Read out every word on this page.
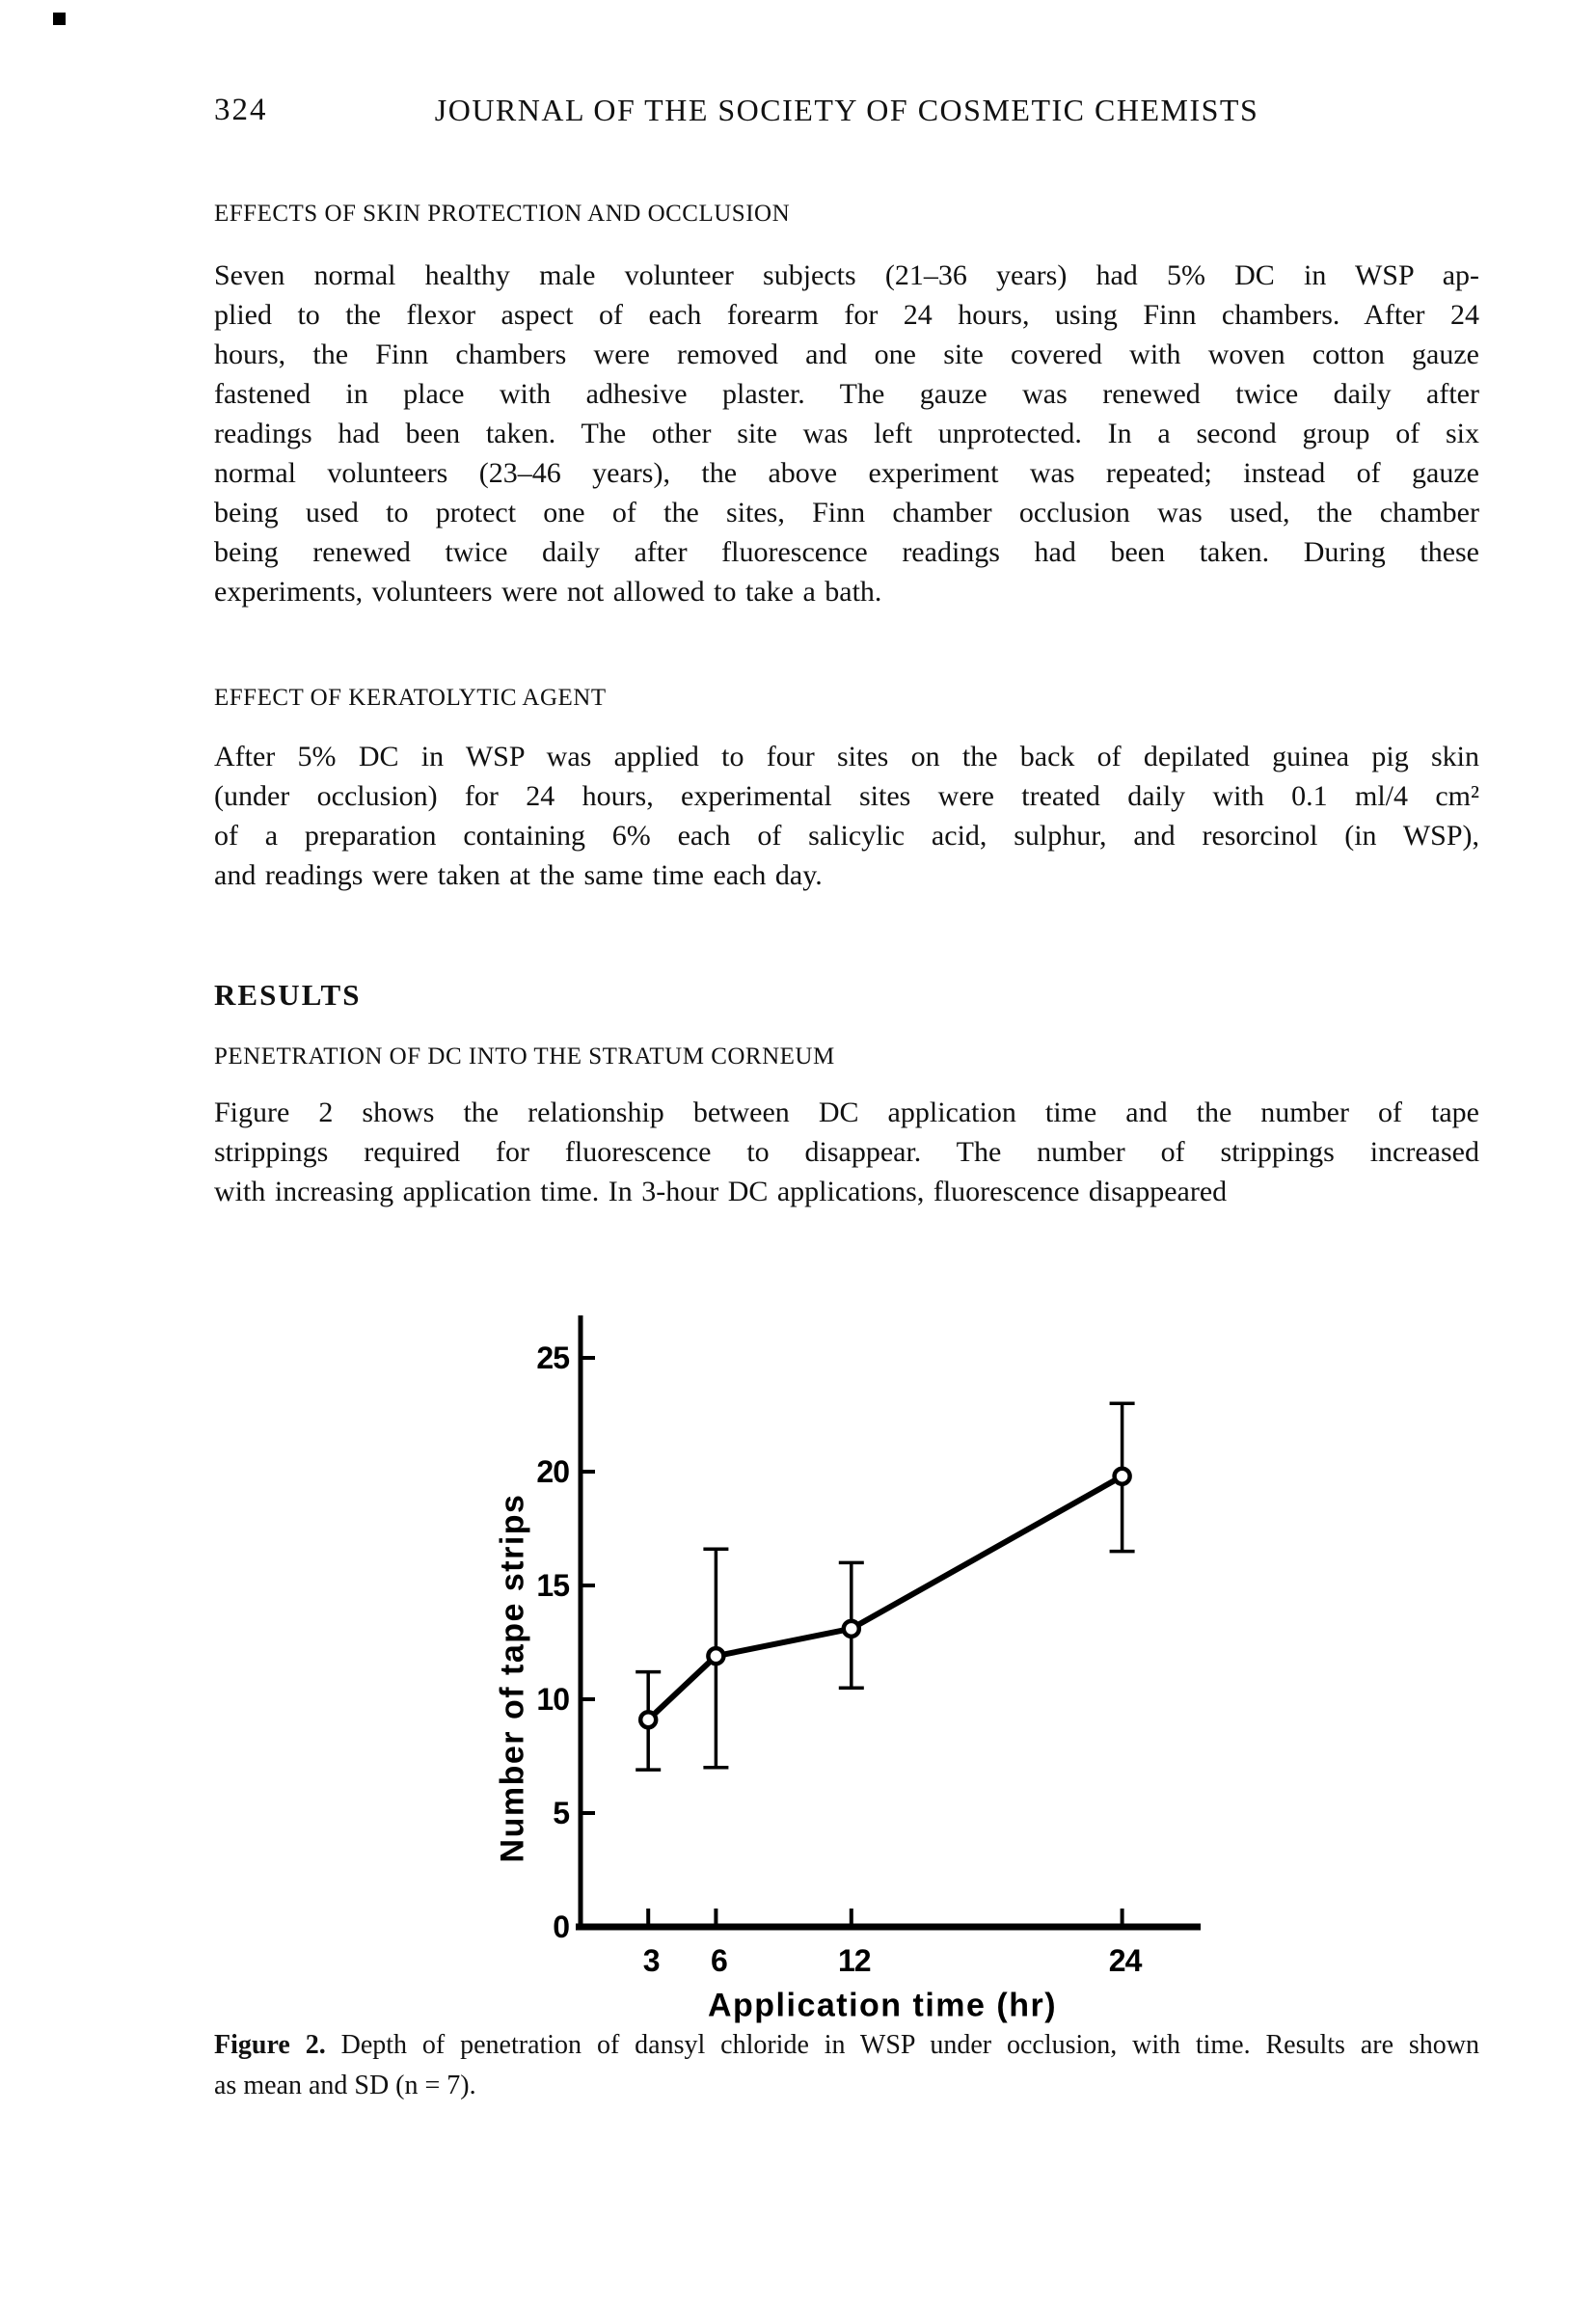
324	JOURNAL OF THE SOCIETY OF COSMETIC CHEMISTS
EFFECTS OF SKIN PROTECTION AND OCCLUSION
Seven normal healthy male volunteer subjects (21–36 years) had 5% DC in WSP ap-
plied to the flexor aspect of each forearm for 24 hours, using Finn chambers. After 24
hours, the Finn chambers were removed and one site covered with woven cotton gauze
fastened in place with adhesive plaster. The gauze was renewed twice daily after
readings had been taken. The other site was left unprotected. In a second group of six
normal volunteers (23–46 years), the above experiment was repeated; instead of gauze
being used to protect one of the sites, Finn chamber occlusion was used, the chamber
being renewed twice daily after fluorescence readings had been taken. During these
experiments, volunteers were not allowed to take a bath.
EFFECT OF KERATOLYTIC AGENT
After 5% DC in WSP was applied to four sites on the back of depilated guinea pig skin
(under occlusion) for 24 hours, experimental sites were treated daily with 0.1 ml/4 cm²
of a preparation containing 6% each of salicylic acid, sulphur, and resorcinol (in WSP),
and readings were taken at the same time each day.
RESULTS
PENETRATION OF DC INTO THE STRATUM CORNEUM
Figure 2 shows the relationship between DC application time and the number of tape
strippings required for fluorescence to disappear. The number of strippings increased
with increasing application time. In 3-hour DC applications, fluorescence disappeared
0
5
10
15
20
25
3 6	12	24
Number of tape strips
Application time (hr)
Figure 2. Depth of penetration of dansyl chloride in WSP under occlusion, with time. Results are shown
as mean and SD (n = 7).
